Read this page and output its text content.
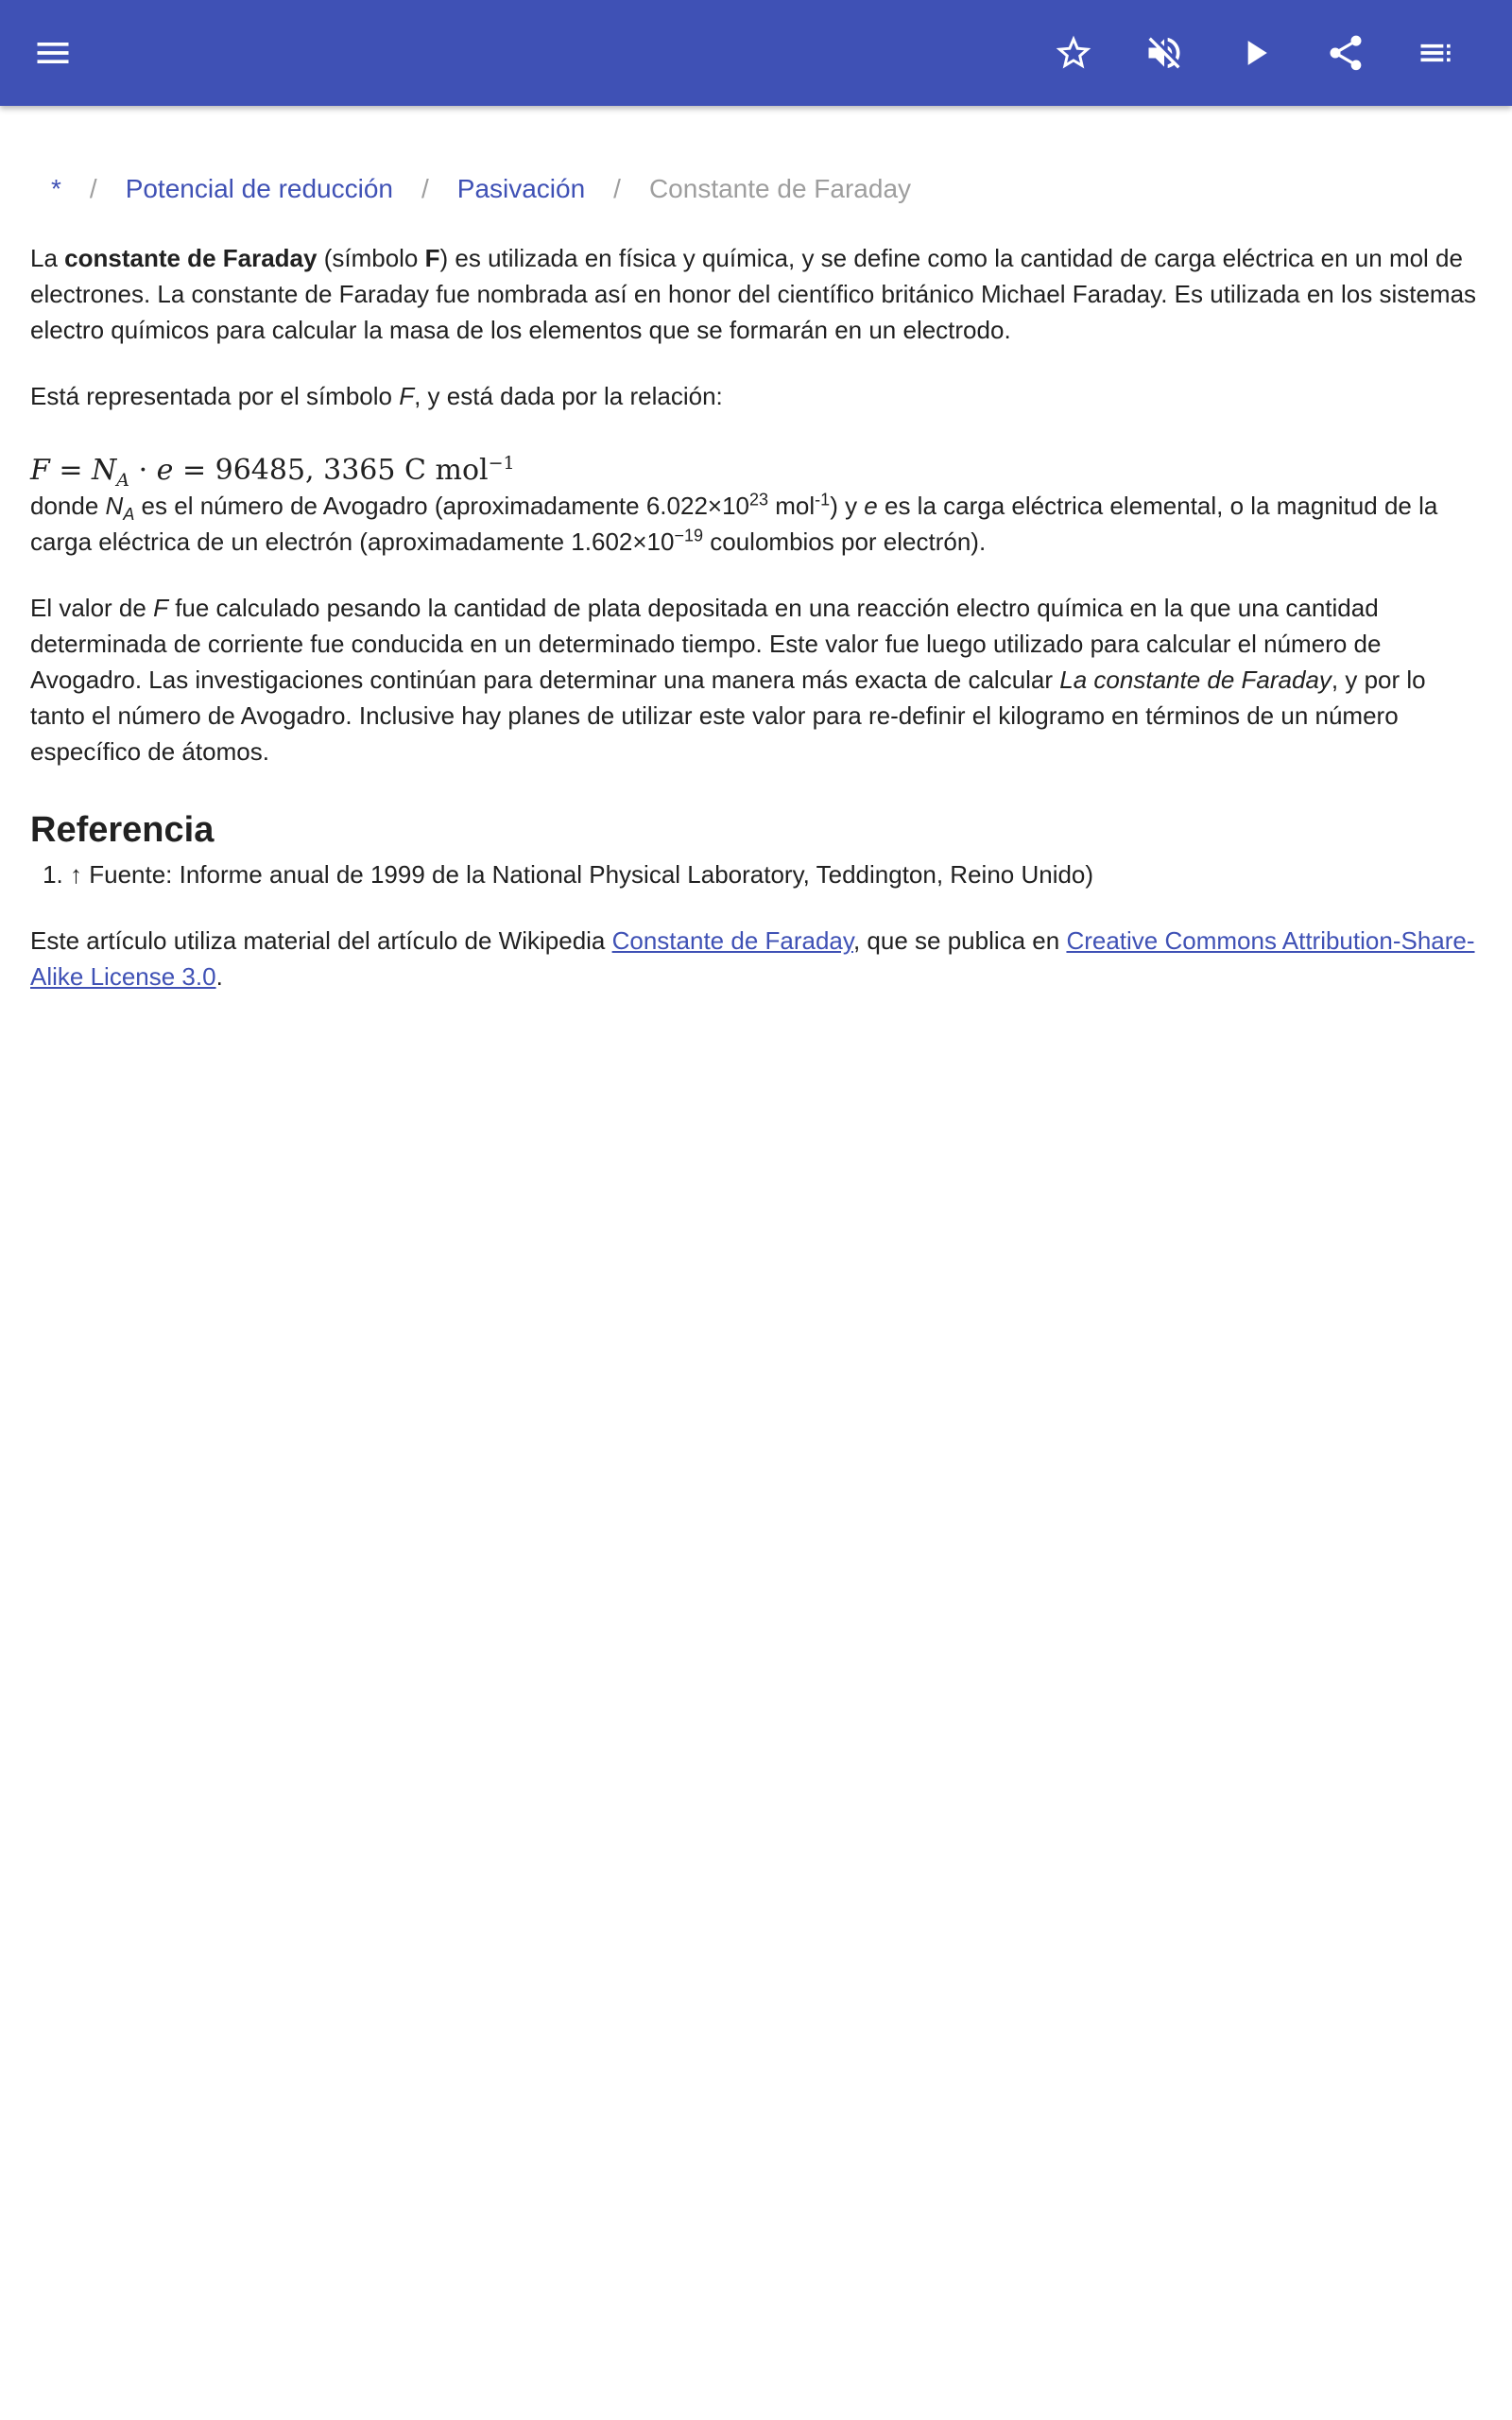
* / Potencial de reducción / Pasivación / Constante de Faraday

La constante de Faraday (símbolo F) es utilizada en física y química, y se define como la cantidad de carga eléctrica en un mol de electrones. La constante de Faraday fue nombrada así en honor del científico británico Michael Faraday. Es utilizada en los sistemas electro químicos para calcular la masa de los elementos que se formarán en un electrodo.

Está representada por el símbolo F, y está dada por la relación:

$F = N_A \cdot e = 96485$, 3365 C mol$^{-1}$

donde $N_A$ es el número de Avogadro (aproximadamente $6.022\times 10^{23}$ mol$^{-1}$) y e es la carga eléctrica elemental, o la magnitud de la carga eléctrica de un electrón (aproximadamente $1.602\times 10^{-19}$ coulombios por electrón).

El valor de F fue calculado pesando la cantidad de plata depositada en una reacción electro química en la que una cantidad determinada de corriente fue conducida en un determinado tiempo. Este valor fue luego utilizado para calcular el número de Avogadro. Las investigaciones continúan para determinar una manera más exacta de calcular La constante de Faraday, y por lo tanto el número de Avogadro. Inclusive hay planes de utilizar este valor para re-definir el kilogramo en términos de un número específico de átomos.

Referencia
1. ↑ Fuente: Informe anual de 1999 de la National Physical Laboratory, Teddington, Reino Unido)

Este artículo utiliza material del artículo de Wikipedia Constante de Faraday, que se publica en Creative Commons Attribution-Share-Alike License 3.0.
